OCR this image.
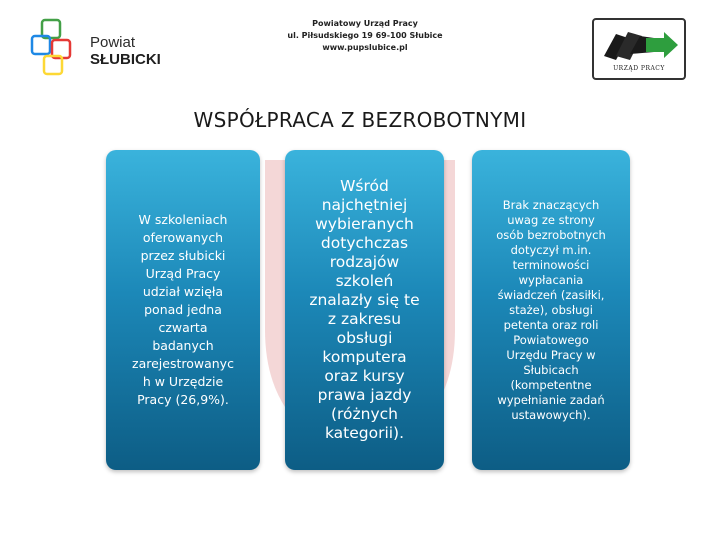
Powiat
SŁUBICKI
Powiatowy Urząd Pracy
ul. Piłsudskiego 19 69-100 Słubice
www.pupslubice.pl
URZĄD PRACY
WSPÓŁPRACA Z BEZROBOTNYMI
W szkoleniach
oferowanych
przez słubicki
Urząd Pracy
udział wzięła
ponad jedna
czwarta
badanych
zarejestrowanyc
h w Urzędzie
Pracy (26,9%).
Wśród
najchętniej
wybieranych
dotychczas
rodzajów
szkoleń
znalazły się te
z zakresu
obsługi
komputera
oraz kursy
prawa jazdy
(różnych
kategorii).
Brak znaczących
uwag ze strony
osób bezrobotnych
dotyczył m.in.
terminowości
wypłacania
świadczeń (zasiłki,
staże), obsługi
petenta oraz roli
Powiatowego
Urzędu Pracy w
Słubicach
(kompetentne
wypełnianie zadań
ustawowych).
